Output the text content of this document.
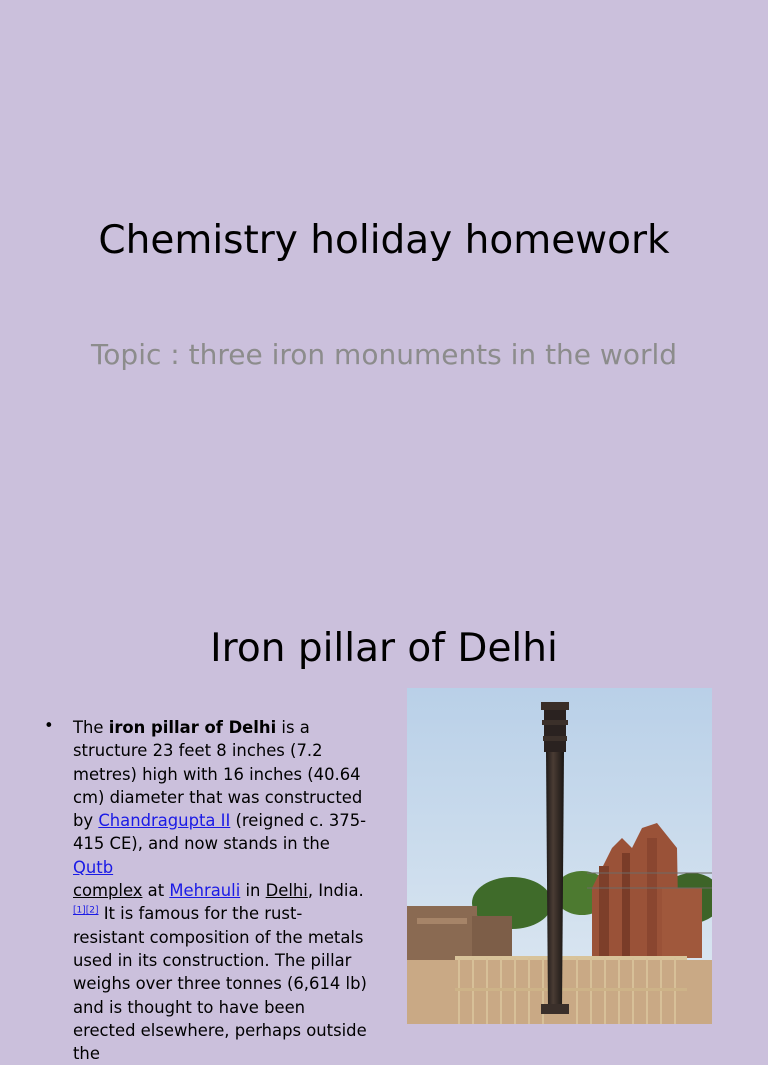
Chemistry holiday homework
Topic : three iron monuments in the world
Iron pillar of Delhi
• The iron pillar of Delhi is a structure 23 feet 8 inches (7.2 metres) high with 16 inches (40.64 cm) diameter that was constructed by Chandragupta II (reigned c. 375-415 CE), and now stands in the Qutb
complex at Mehrauli in Delhi, India.
[1][2] It is famous for the rust-resistant composition of the metals used in its construction. The pillar weighs over three tonnes (6,614 lb) and is thought to have been erected elsewhere, perhaps outside the
